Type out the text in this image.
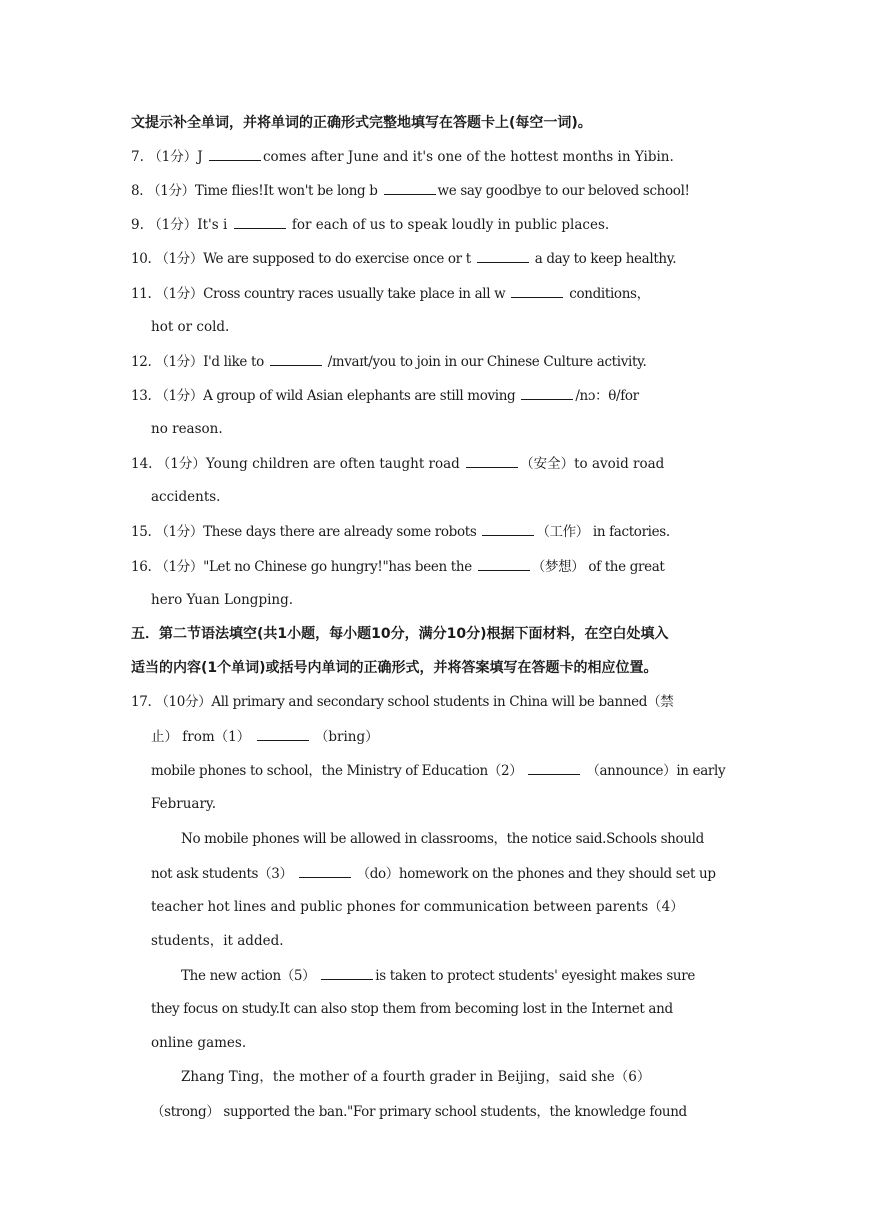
文提示补全单词，并将单词的正确形式完整地填写在答题卡上(每空一词)。
7. （1分）J	comes after June and it's one of the hottest months in Yibin.
8. （1分）Time flies!It won't be long b	we say goodbye to our beloved school!
9. （1分）It's i	for each of us to speak loudly in public places.
10. （1分）We are supposed to do exercise once or t	a day to keep healthy.
11. （1分）Cross country races usually take place in all w	conditions，
hot or cold.
12. （1分）I'd like to	/ɪnvaɪt/you to join in our Chinese Culture activity.
13. （1分）A group of wild Asian elephants are still moving	/nɔ：θ/for
no reason.
14. （1分）Young children are often taught road	（安全）to avoid road
accidents.
15. （1分）These days there are already some robots	（工作） in factories.
16. （1分）"Let no Chinese go hungry!"has been the	（梦想） of the great
hero Yuan Longping.
五．第二节语法填空(共1小题，每小题10分，满分10分)根据下面材料，在空白处填入
适当的内容(1个单词)或括号内单词的正确形式，并将答案填写在答题卡的相应位置。
17. （10分）All primary and secondary school students in China will be banned（禁
止） from（1）	（bring）
mobile phones to school，the Ministry of Education（2）	（announce）in early
February.
No mobile phones will be allowed in classrooms，the notice said.Schools should
not ask students（3）	（do）homework on the phones and they should set up
teacher hot lines and public phones for communication between parents（4）
students，it added.
The new action（5）	is taken to protect students' eyesight makes sure
they focus on study.It can also stop them from becoming lost in the Internet and
online games.
Zhang Ting，the mother of a fourth grader in Beijing，said she（6）
（strong） supported the ban."For primary school students，the knowledge found
